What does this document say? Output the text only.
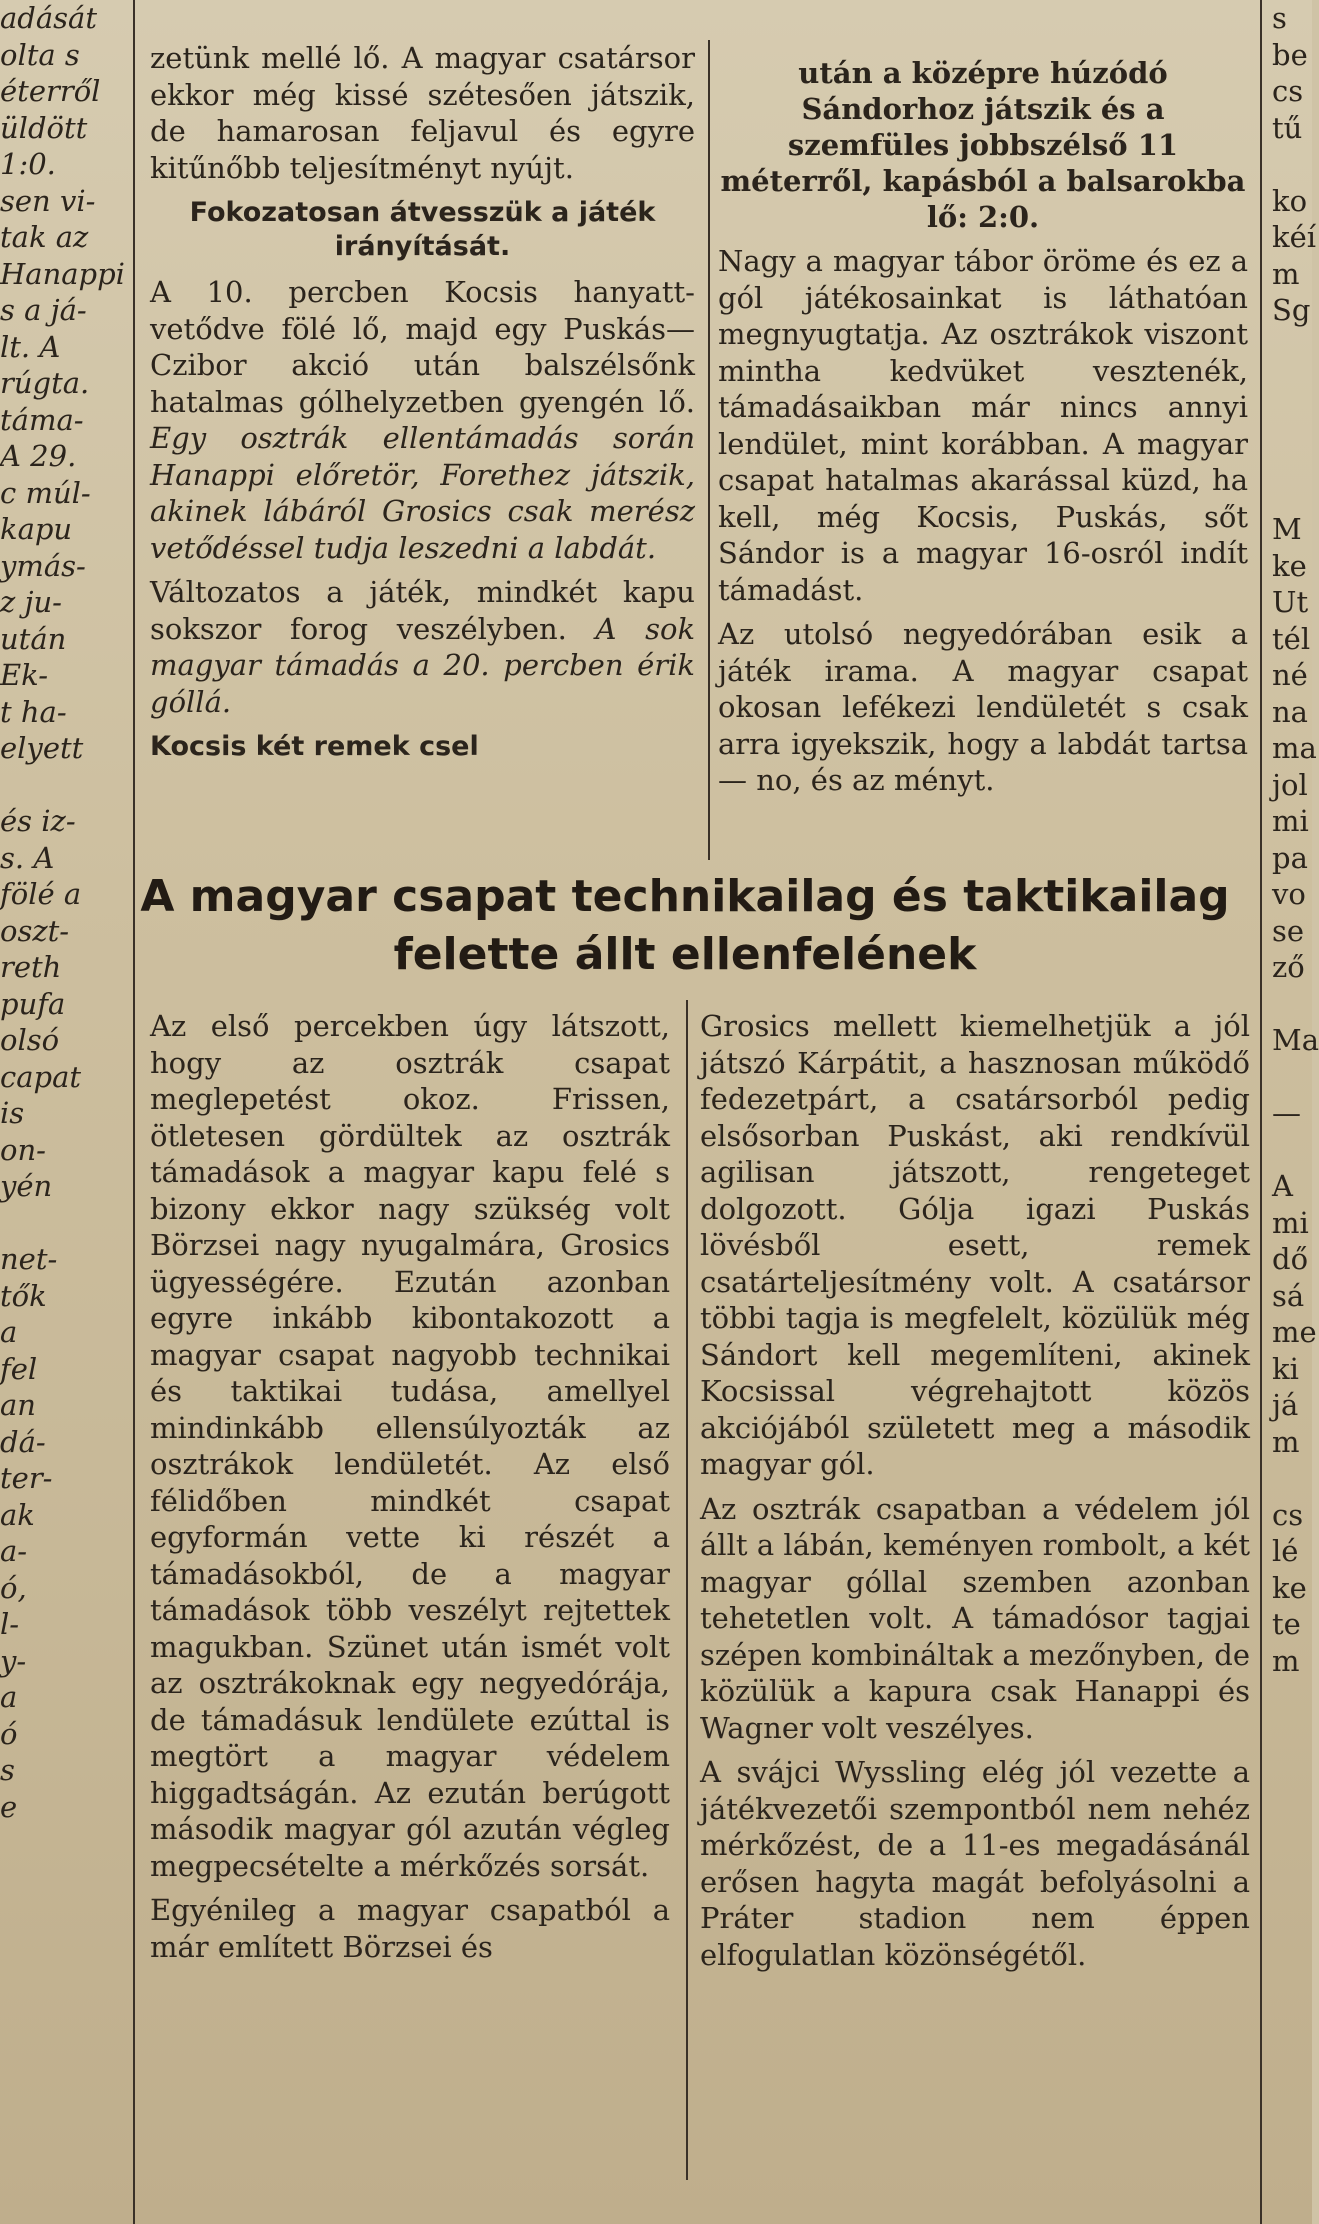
adását
olta s
éterről
üldött
1:0.
sen vi-
tak az
Hanappi
s a já-
lt. A
rúgta.
táma-
A 29.
c múl-
kapu
ymás-
z ju-
után
Ek-
t ha-
elyett
és iz-
s. A
fölé a
oszt-
reth
pufa
olsó
capat
is
on-
yén
net-
tők
a
fel
an
dá-
ter-
ak
a-
ó,
l-
y-
a
ó
s
e

zetünk mellé lő. A magyar csatársor ekkor még kissé szétesően játszik, de hamarosan feljavul és egyre kitűnőbb teljesítményt nyújt.

Fokozatosan átvesszük a játék irányítását.

A 10. percben Kocsis hanyatt-vetődve fölé lő, majd egy Puskás—Czibor akció után balszélsőnk hatalmas gólhelyzetben gyengén lő. Egy osztrák ellentámadás során Hanappi előretör, Forethez játszik, akinek lábáról Grosics csak merész vetődéssel tudja leszedni a labdát.

Változatos a játék, mindkét kapu sokszor forog veszélyben. A sok magyar támadás a 20. percben érik góllá.

Kocsis két remek csel

után a középre húzódó Sándorhoz játszik és a szemfüles jobbszélső 11 méterről, kapásból a balsarokba lő: 2:0.

Nagy a magyar tábor öröme és ez a gól játékosainkat is láthatóan megnyugtatja. Az osztrákok viszont mintha kedvüket vesztenék, támadásaikban már nincs annyi lendület, mint korábban. A magyar csapat hatalmas akarással küzd, ha kell, még Kocsis, Puskás, sőt Sándor is a magyar 16-osról indít támadást.

Az utolsó negyedórában esik a játék irama. A magyar csapat okosan lefékezi lendületét s csak arra igyekszik, hogy a labdát tartsa — no, és az ményt.

A magyar csapat technikailag és taktikailag
felette állt ellenfelének

Az első percekben úgy látszott, hogy az osztrák csapat meglepetést okoz. Frissen, ötletesen gördültek az osztrák támadások a magyar kapu felé s bizony ekkor nagy szükség volt Börzsei nagy nyugalmára, Grosics ügyességére. Ezután azonban egyre inkább kibontakozott a magyar csapat nagyobb technikai és taktikai tudása, amellyel mindinkább ellensúlyozták az osztrákok lendületét. Az első félidőben mindkét csapat egyformán vette ki részét a támadásokból, de a magyar támadások több veszélyt rejtettek magukban. Szünet után ismét volt az osztrákoknak egy negyedórája, de támadásuk lendülete ezúttal is megtört a magyar védelem higgadtságán. Az ezután berúgott második magyar gól azután végleg megpecsételte a mérkőzés sorsát.

Egyénileg a magyar csapatból a már említett Börzsei és

Grosics mellett kiemelhetjük a jól játszó Kárpátit, a hasznosan működő fedezetpárt, a csatársorból pedig elsősorban Puskást, aki rendkívül agilisan játszott, rengeteget dolgozott. Gólja igazi Puskás lövésből esett, remek csatárteljesítmény volt. A csatársor többi tagja is megfelelt, közülük még Sándort kell megemlíteni, akinek Kocsissal végrehajtott közös akciójából született meg a második magyar gól.

Az osztrák csapatban a védelem jól állt a lábán, keményen rombolt, a két magyar góllal szemben azonban tehetetlen volt. A támadósor tagjai szépen kombináltak a mezőnyben, de közülük a kapura csak Hanappi és Wagner volt veszélyes.

A svájci Wyssling elég jól vezette a játékvezetői szempontból nem nehéz mérkőzést, de a 11-es megadásánál erősen hagyta magát befolyásolni a Práter stadion nem éppen elfogulatlan közönségétől.

s
be
cs
tű
ko
kéí
m
Sg
M
ke
Ut
tél
né
na
ma
jol
mi
pa
vo
se
ző
Ma
—
A
mi
dő
sá
me
ki
já
m
cs
lé
ke
te
m
